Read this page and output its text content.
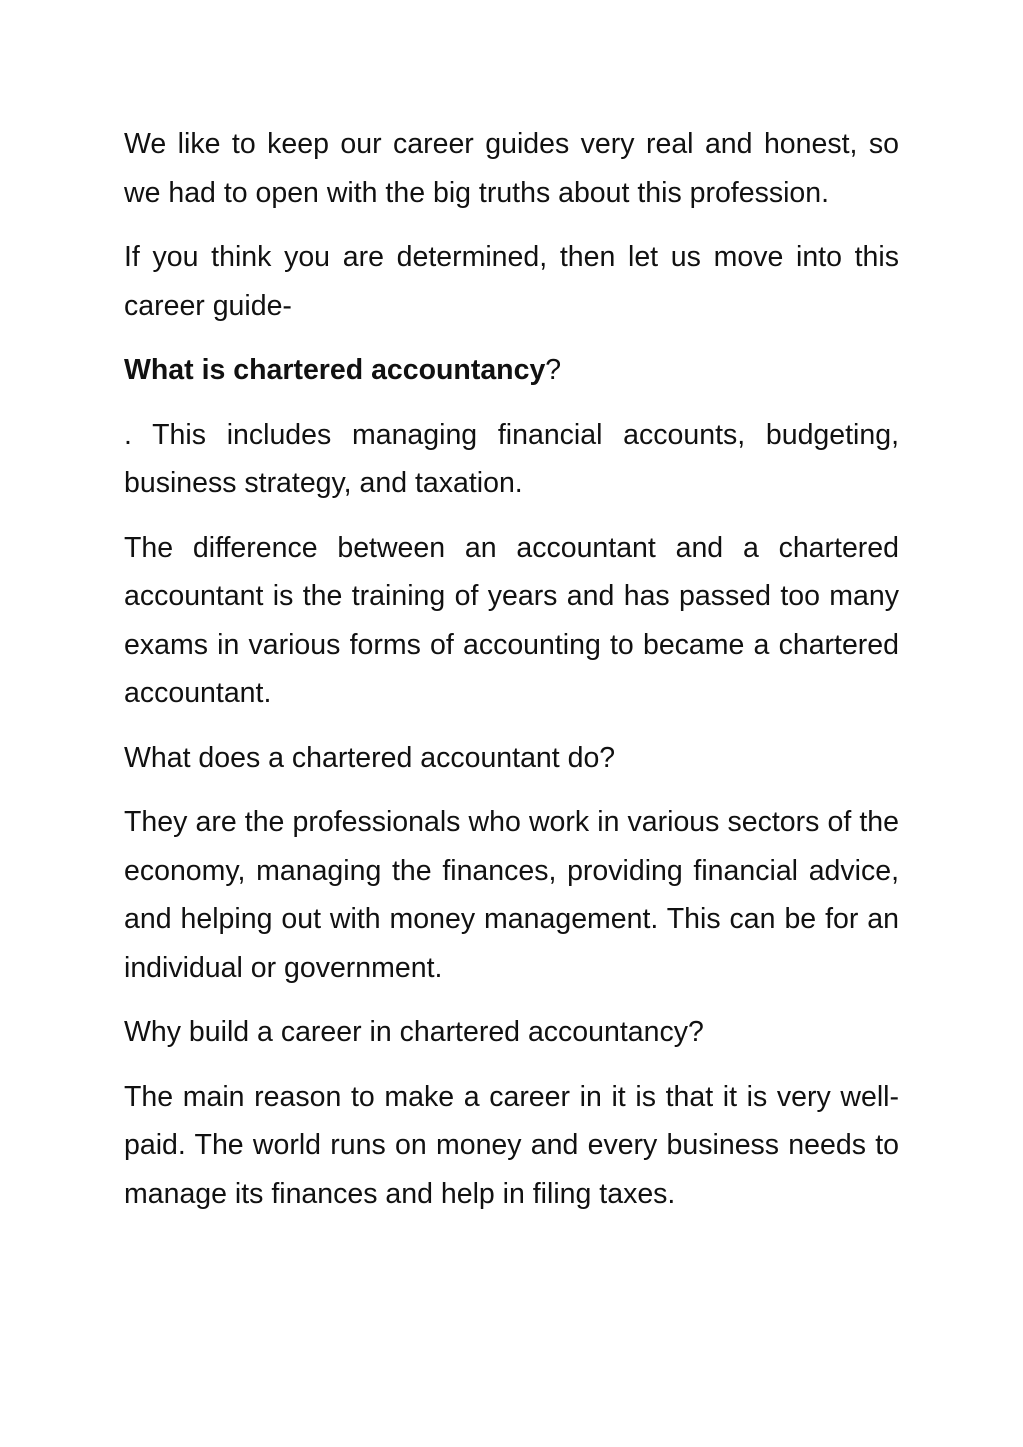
We like to keep our career guides very real and honest, so we had to open with the big truths about this profession.

If you think you are determined, then let us move into this career guide-

What is chartered accountancy?

. This includes managing financial accounts, budgeting, business strategy, and taxation.

The difference between an accountant and a chartered accountant is the training of years and has passed too many exams in various forms of accounting to became a chartered accountant.

What does a chartered accountant do?

They are the professionals who work in various sectors of the economy, managing the finances, providing financial advice, and helping out with money management. This can be for an individual or government.

Why build a career in chartered accountancy?

The main reason to make a career in it is that it is very well-paid. The world runs on money and every business needs to manage its finances and help in filing taxes.
